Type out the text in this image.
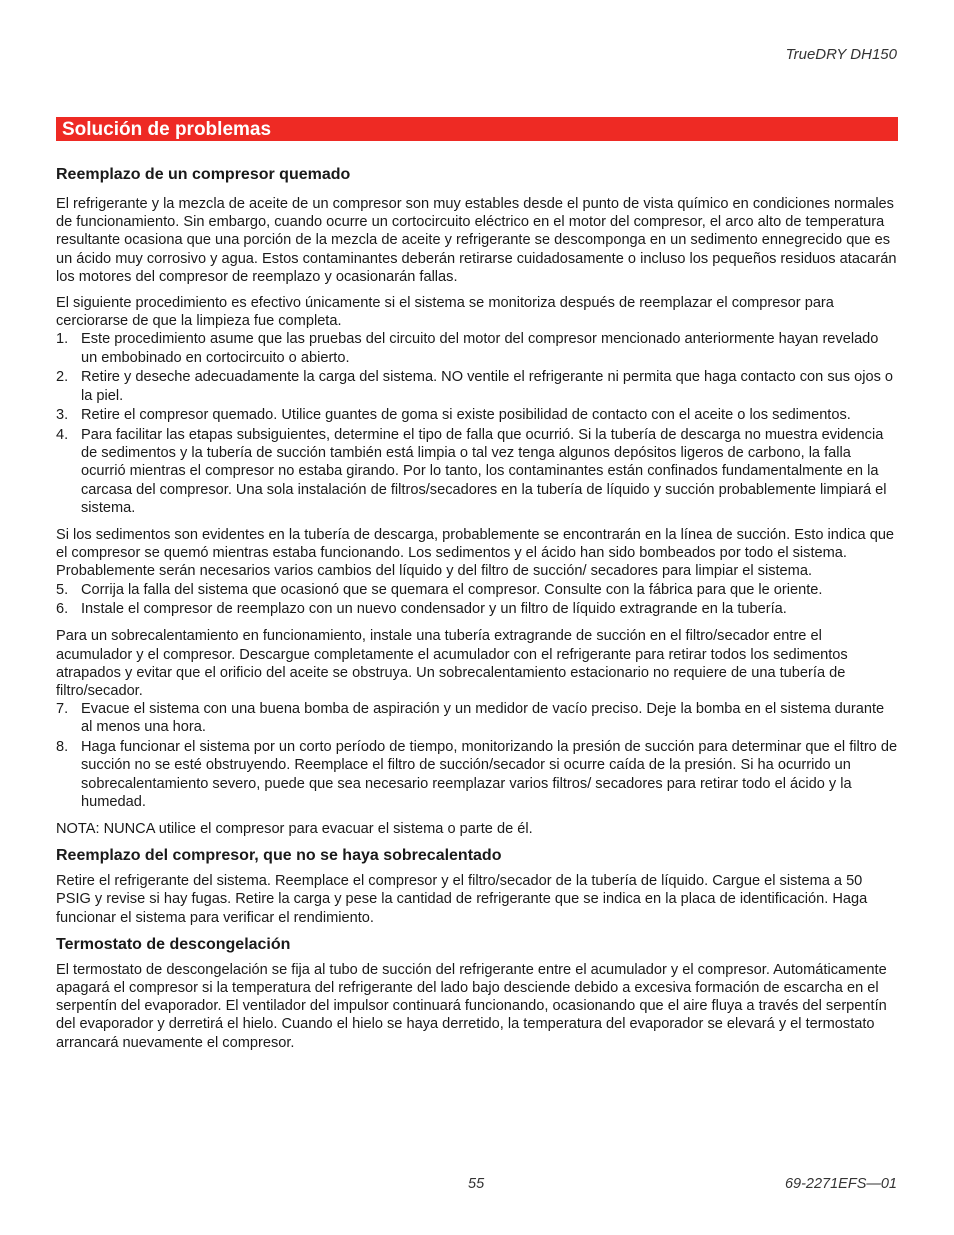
TrueDRY DH150
Solución de problemas
Reemplazo de un compresor quemado

El refrigerante y la mezcla de aceite de un compresor son muy estables desde el punto de vista químico en condiciones normales de funcionamiento. Sin embargo, cuando ocurre un cortocircuito eléctrico en el motor del compresor, el arco alto de temperatura resultante ocasiona que una porción de la mezcla de aceite y refrigerante se descomponga en un sedimento ennegrecido que es un ácido muy corrosivo y agua. Estos contaminantes deberán retirarse cuidadosamente o incluso los pequeños residuos atacarán los motores del compresor de reemplazo y ocasionarán fallas.

El siguiente procedimiento es efectivo únicamente si el sistema se monitoriza después de reemplazar el compresor para cerciorarse de que la limpieza fue completa.

1. Este procedimiento asume que las pruebas del circuito del motor del compresor mencionado anteriormente hayan revelado un embobinado en cortocircuito o abierto.
2. Retire y deseche adecuadamente la carga del sistema. NO ventile el refrigerante ni permita que haga contacto con sus ojos o la piel.
3. Retire el compresor quemado. Utilice guantes de goma si existe posibilidad de contacto con el aceite o los sedimentos.
4. Para facilitar las etapas subsiguientes, determine el tipo de falla que ocurrió. Si la tubería de descarga no muestra evidencia de sedimentos y la tubería de succión también está limpia o tal vez tenga algunos depósitos ligeros de carbono, la falla ocurrió mientras el compresor no estaba girando. Por lo tanto, los contaminantes están confinados fundamentalmente en la carcasa del compresor. Una sola instalación de filtros/secadores en la tubería de líquido y succión probablemente limpiará el sistema.

Si los sedimentos son evidentes en la tubería de descarga, probablemente se encontrarán en la línea de succión. Esto indica que el compresor se quemó mientras estaba funcionando. Los sedimentos y el ácido han sido bombeados por todo el sistema. Probablemente serán necesarios varios cambios del líquido y del filtro de succión/ secadores para limpiar el sistema.

5. Corrija la falla del sistema que ocasionó que se quemara el compresor. Consulte con la fábrica para que le oriente.
6. Instale el compresor de reemplazo con un nuevo condensador y un filtro de líquido extragrande en la tubería.

Para un sobrecalentamiento en funcionamiento, instale una tubería extragrande de succión en el filtro/secador entre el acumulador y el compresor. Descargue completamente el acumulador con el refrigerante para retirar todos los sedimentos atrapados y evitar que el orificio del aceite se obstruya. Un sobrecalentamiento estacionario no requiere de una tubería de filtro/secador.

7. Evacue el sistema con una buena bomba de aspiración y un medidor de vacío preciso. Deje la bomba en el sistema durante al menos una hora.
8. Haga funcionar el sistema por un corto período de tiempo, monitorizando la presión de succión para determinar que el filtro de succión no se esté obstruyendo. Reemplace el filtro de succión/secador si ocurre caída de la presión. Si ha ocurrido un sobrecalentamiento severo, puede que sea necesario reemplazar varios filtros/ secadores para retirar todo el ácido y la humedad.

NOTA: NUNCA utilice el compresor para evacuar el sistema o parte de él.

Reemplazo del compresor, que no se haya sobrecalentado

Retire el refrigerante del sistema. Reemplace el compresor y el filtro/secador de la tubería de líquido. Cargue el sistema a 50 PSIG y revise si hay fugas. Retire la carga y pese la cantidad de refrigerante que se indica en la placa de identificación. Haga funcionar el sistema para verificar el rendimiento.

Termostato de descongelación

El termostato de descongelación se fija al tubo de succión del refrigerante entre el acumulador y el compresor. Automáticamente apagará el compresor si la temperatura del refrigerante del lado bajo desciende debido a excesiva formación de escarcha en el serpentín del evaporador. El ventilador del impulsor continuará funcionando, ocasionando que el aire fluya a través del serpentín del evaporador y derretirá el hielo. Cuando el hielo se haya derretido, la temperatura del evaporador se elevará y el termostato arrancará nuevamente el compresor.

55	69-2271EFS—01
